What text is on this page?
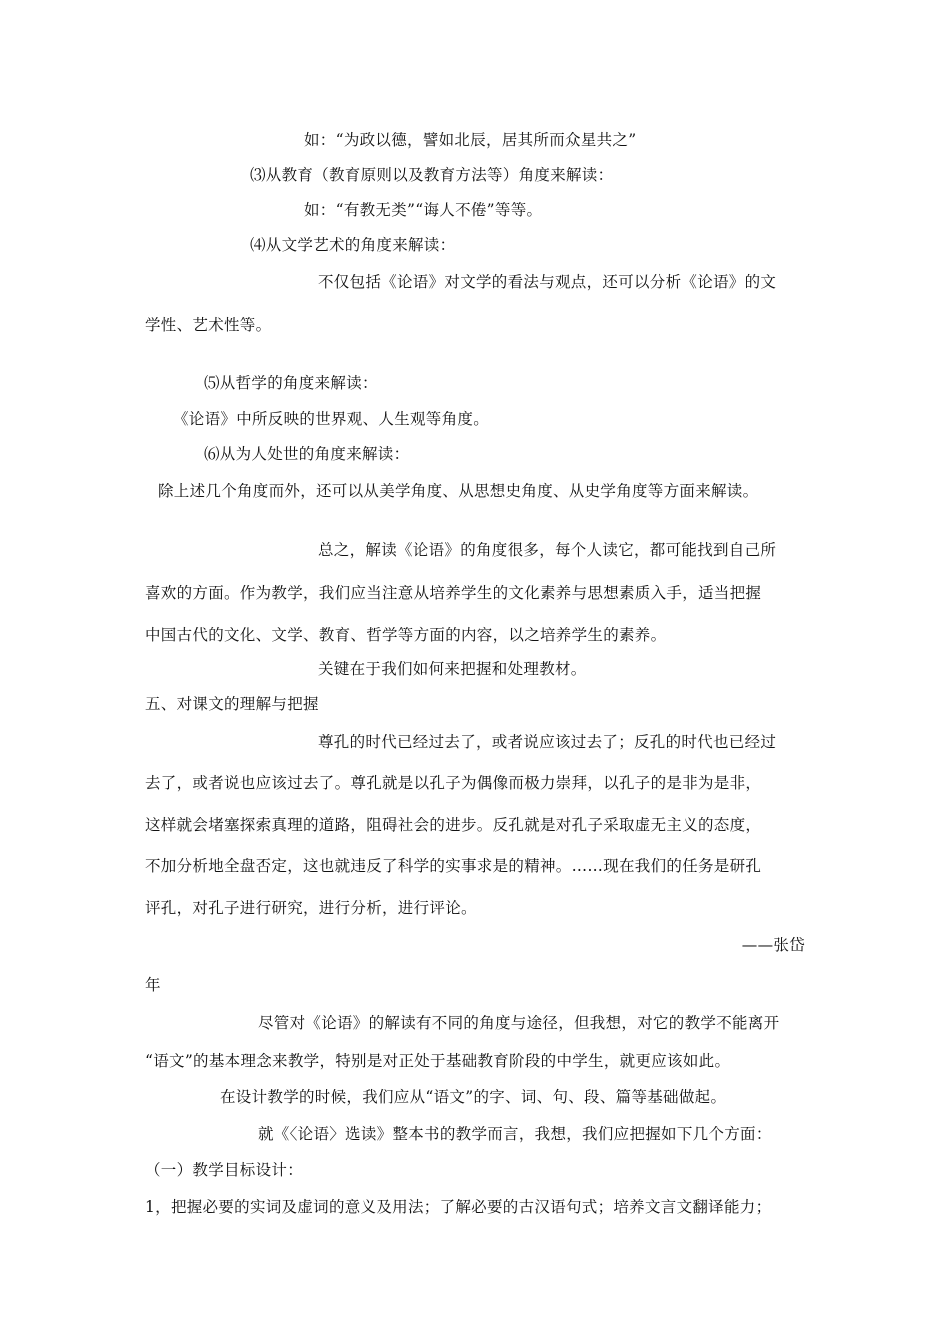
如：“为政以德，譬如北辰，居其所而众星共之”
⑶从教育（教育原则以及教育方法等）角度来解读：
如：“有教无类”“诲人不倦”等等。
⑷从文学艺术的角度来解读：
不仅包括《论语》对文学的看法与观点，还可以分析《论语》的文
学性、艺术性等。
⑸从哲学的角度来解读：
《论语》中所反映的世界观、人生观等角度。
⑹从为人处世的角度来解读：
除上述几个角度而外，还可以从美学角度、从思想史角度、从史学角度等方面来解读。
总之，解读《论语》的角度很多，每个人读它，都可能找到自己所
喜欢的方面。作为教学，我们应当注意从培养学生的文化素养与思想素质入手，适当把握
中国古代的文化、文学、教育、哲学等方面的内容，以之培养学生的素养。
关键在于我们如何来把握和处理教材。
五、对课文的理解与把握
尊孔的时代已经过去了，或者说应该过去了；反孔的时代也已经过
去了，或者说也应该过去了。尊孔就是以孔子为偶像而极力崇拜，以孔子的是非为是非，
这样就会堵塞探索真理的道路，阻碍社会的进步。反孔就是对孔子采取虚无主义的态度，
不加分析地全盘否定，这也就违反了科学的实事求是的精神。……现在我们的任务是研孔
评孔，对孔子进行研究，进行分析，进行评论。
——张岱
年
尽管对《论语》的解读有不同的角度与途径，但我想，对它的教学不能离开
“语文”的基本理念来教学，特别是对正处于基础教育阶段的中学生，就更应该如此。
在设计教学的时候，我们应从“语文”的字、词、句、段、篇等基础做起。
就《〈论语〉选读》整本书的教学而言，我想，我们应把握如下几个方面：
（一）教学目标设计：
1，把握必要的实词及虚词的意义及用法；了解必要的古汉语句式；培养文言文翻译能力；
